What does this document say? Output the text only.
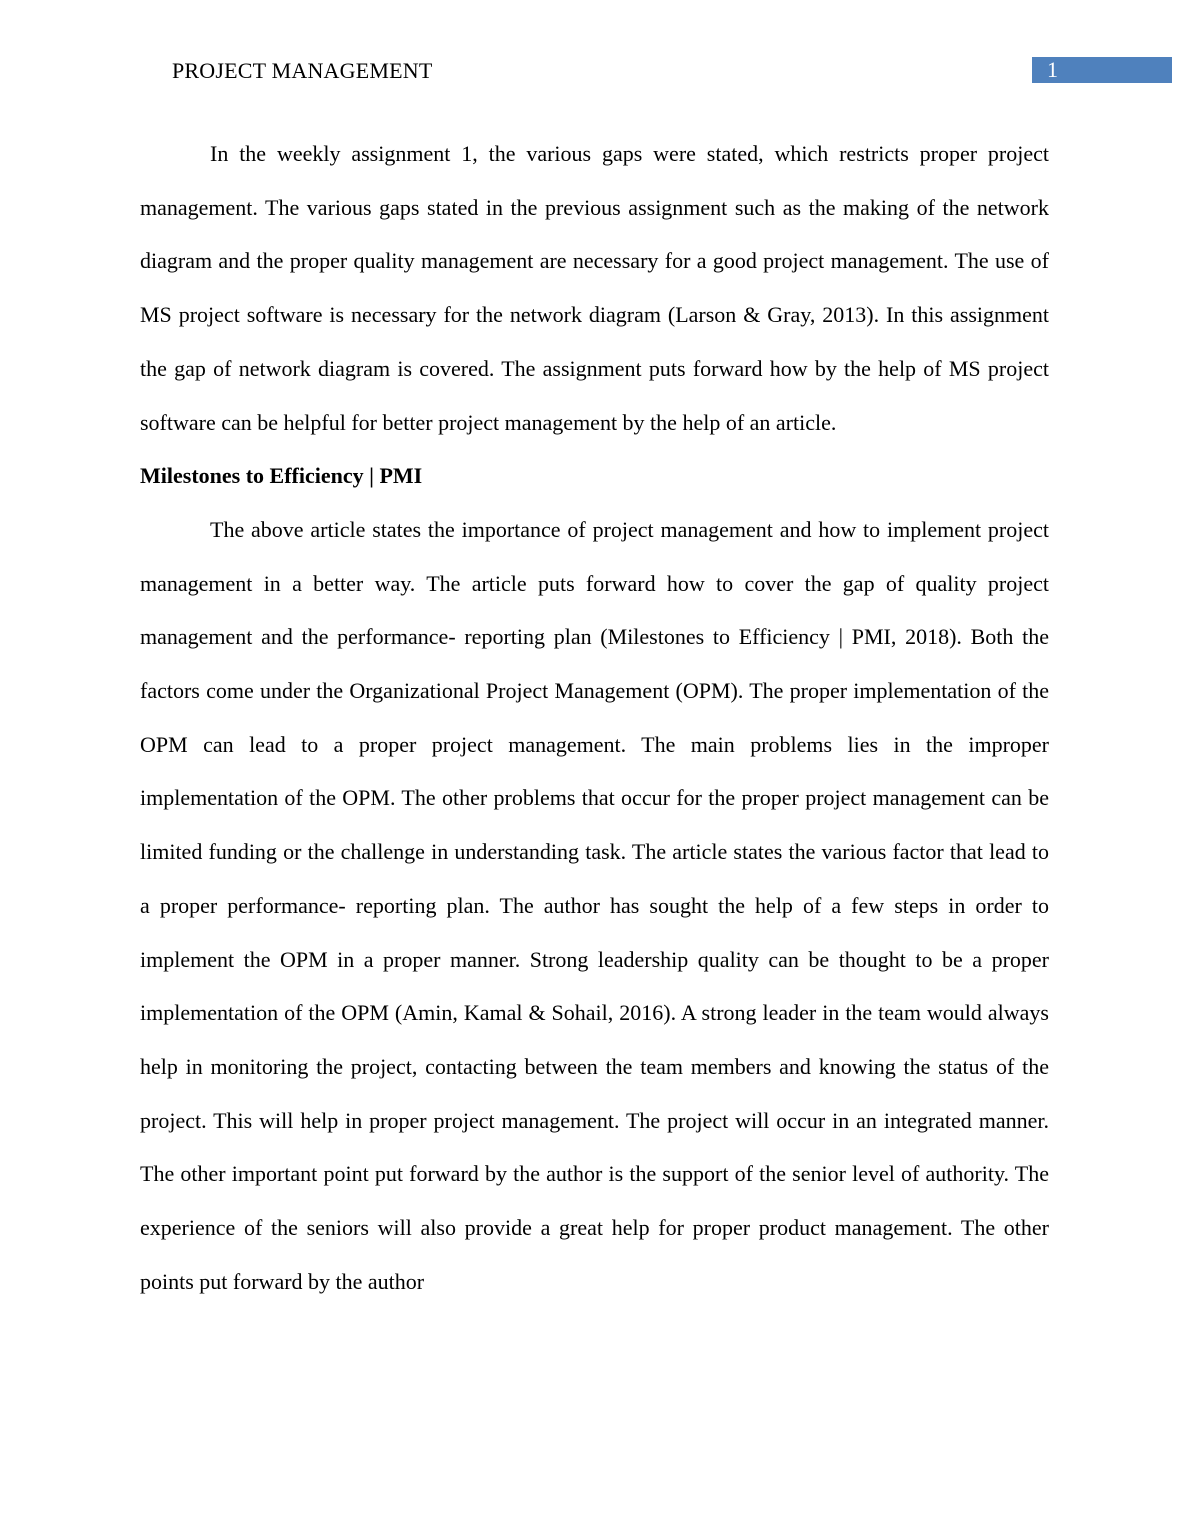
PROJECT MANAGEMENT	1

In the weekly assignment 1, the various gaps were stated, which restricts proper project management. The various gaps stated in the previous assignment such as the making of the network diagram and the proper quality management are necessary for a good project management. The use of MS project software is necessary for the network diagram (Larson & Gray, 2013). In this assignment the gap of network diagram is covered. The assignment puts forward how by the help of MS project software can be helpful for better project management by the help of an article.

Milestones to Efficiency | PMI

The above article states the importance of project management and how to implement project management in a better way. The article puts forward how to cover the gap of quality project management and the performance- reporting plan (Milestones to Efficiency | PMI, 2018). Both the factors come under the Organizational Project Management (OPM). The proper implementation of the OPM can lead to a proper project management. The main problems lies in the improper implementation of the OPM. The other problems that occur for the proper project management can be limited funding or the challenge in understanding task. The article states the various factor that lead to a proper performance- reporting plan. The author has sought the help of a few steps in order to implement the OPM in a proper manner. Strong leadership quality can be thought to be a proper implementation of the OPM (Amin, Kamal & Sohail, 2016). A strong leader in the team would always help in monitoring the project, contacting between the team members and knowing the status of the project. This will help in proper project management. The project will occur in an integrated manner. The other important point put forward by the author is the support of the senior level of authority. The experience of the seniors will also provide a great help for proper product management. The other points put forward by the author
